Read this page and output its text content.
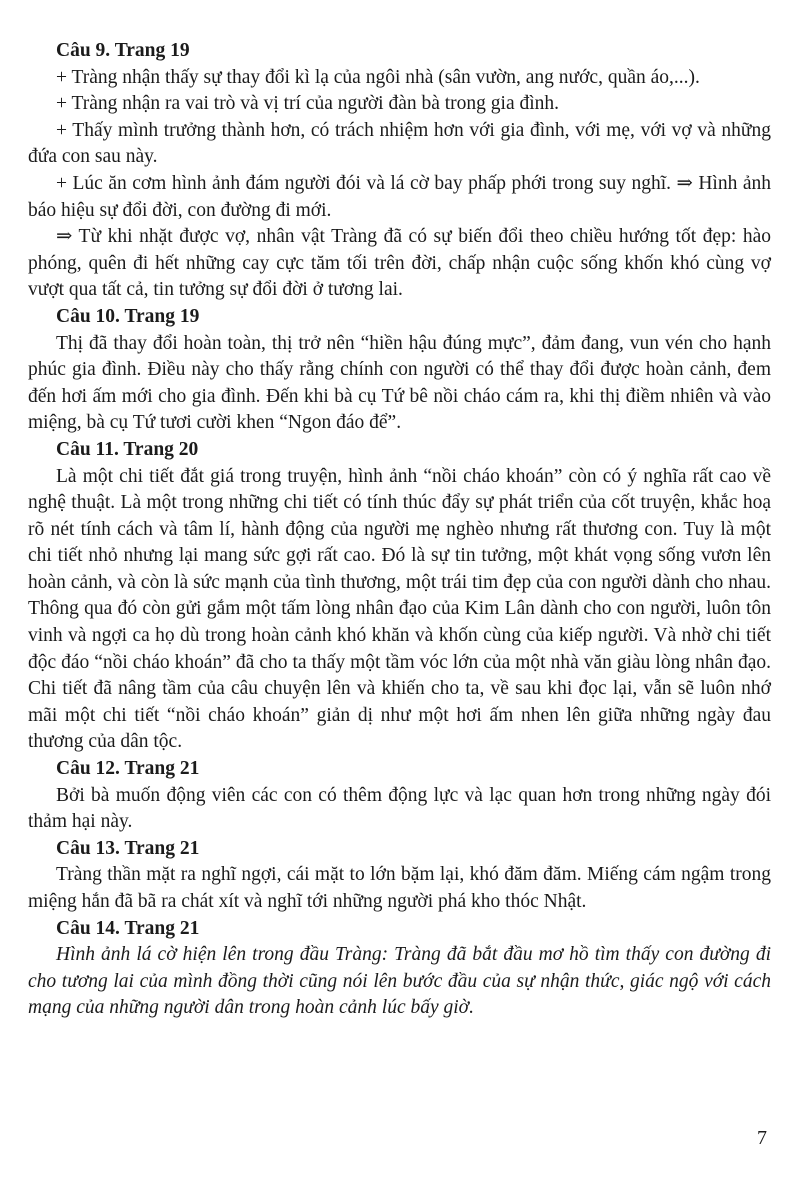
Câu 9. Trang 19

+ Tràng nhận thấy sự thay đổi kì lạ của ngôi nhà (sân vườn, ang nước, quần áo,...).

+ Tràng nhận ra vai trò và vị trí của người đàn bà trong gia đình.

+ Thấy mình trưởng thành hơn, có trách nhiệm hơn với gia đình, với mẹ, với vợ và những đứa con sau này.

+ Lúc ăn cơm hình ảnh đám người đói và lá cờ bay phấp phới trong suy nghĩ. ⇒ Hình ảnh báo hiệu sự đổi đời, con đường đi mới.

⇒ Từ khi nhặt được vợ, nhân vật Tràng đã có sự biến đổi theo chiều hướng tốt đẹp: hào phóng, quên đi hết những cay cực tăm tối trên đời, chấp nhận cuộc sống khốn khó cùng vợ vượt qua tất cả, tin tưởng sự đổi đời ở tương lai.

Câu 10. Trang 19

Thị đã thay đổi hoàn toàn, thị trở nên “hiền hậu đúng mực”, đảm đang, vun vén cho hạnh phúc gia đình. Điều này cho thấy rằng chính con người có thể thay đổi được hoàn cảnh, đem đến hơi ấm mới cho gia đình. Đến khi bà cụ Tứ bê nồi cháo cám ra, khi thị điềm nhiên và vào miệng, bà cụ Tứ tươi cười khen “Ngon đáo để”.

Câu 11. Trang 20

Là một chi tiết đắt giá trong truyện, hình ảnh “nồi cháo khoán” còn có ý nghĩa rất cao về nghệ thuật. Là một trong những chi tiết có tính thúc đẩy sự phát triển của cốt truyện, khắc hoạ rõ nét tính cách và tâm lí, hành động của người mẹ nghèo nhưng rất thương con. Tuy là một chi tiết nhỏ nhưng lại mang sức gợi rất cao. Đó là sự tin tưởng, một khát vọng sống vươn lên hoàn cảnh, và còn là sức mạnh của tình thương, một trái tim đẹp của con người dành cho nhau. Thông qua đó còn gửi gắm một tấm lòng nhân đạo của Kim Lân dành cho con người, luôn tôn vinh và ngợi ca họ dù trong hoàn cảnh khó khăn và khốn cùng của kiếp người. Và nhờ chi tiết độc đáo “nồi cháo khoán” đã cho ta thấy một tầm vóc lớn của một nhà văn giàu lòng nhân đạo. Chi tiết đã nâng tầm của câu chuyện lên và khiến cho ta, về sau khi đọc lại, vẫn sẽ luôn nhớ mãi một chi tiết “nồi cháo khoán” giản dị như một hơi ấm nhen lên giữa những ngày đau thương của dân tộc.

Câu 12. Trang 21

Bởi bà muốn động viên các con có thêm động lực và lạc quan hơn trong những ngày đói thảm hại này.

Câu 13. Trang 21

Tràng thần mặt ra nghĩ ngợi, cái mặt to lớn bặm lại, khó đăm đăm. Miếng cám ngậm trong miệng hắn đã bã ra chát xít và nghĩ tới những người phá kho thóc Nhật.

Câu 14. Trang 21

Hình ảnh lá cờ hiện lên trong đầu Tràng: Tràng đã bắt đầu mơ hồ tìm thấy con đường đi cho tương lai của mình đồng thời cũng nói lên bước đầu của sự nhận thức, giác ngộ với cách mạng của những người dân trong hoàn cảnh lúc bấy giờ.

7
